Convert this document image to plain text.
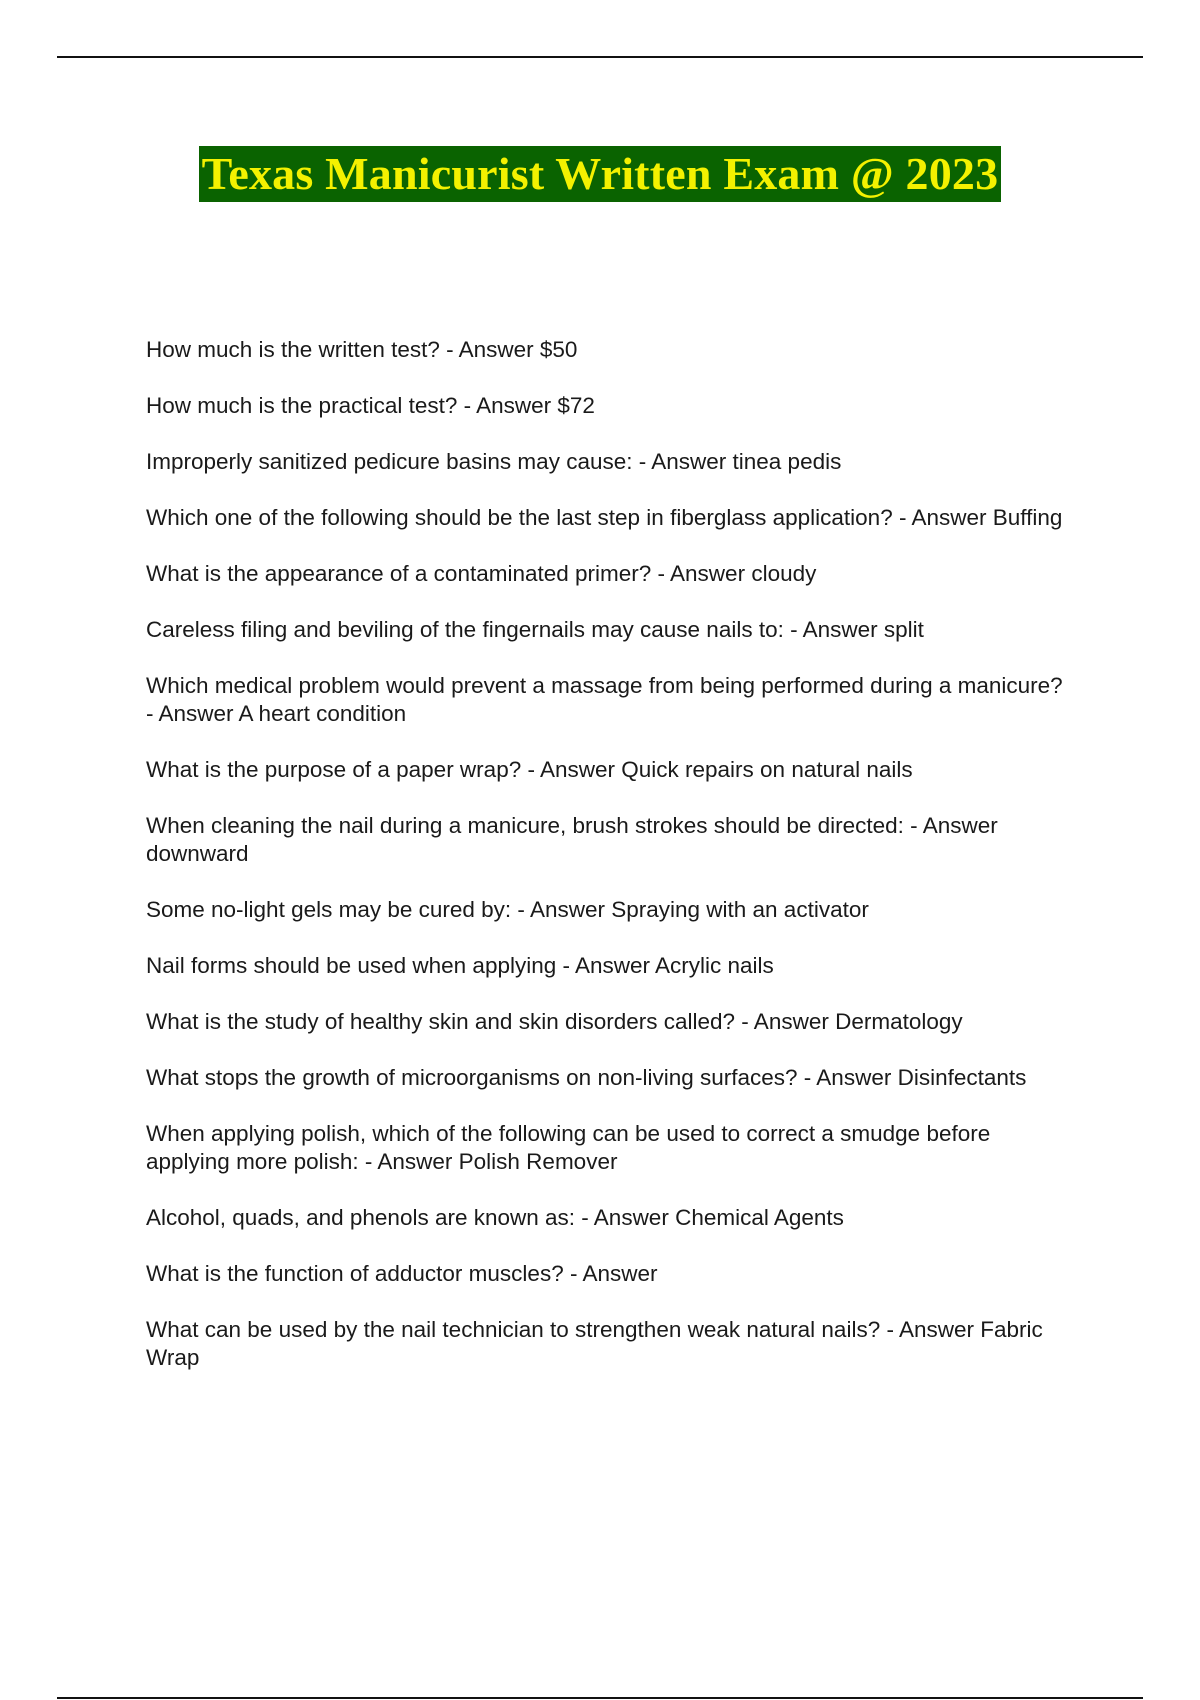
Texas Manicurist Written Exam @ 2023
How much is the written test? - Answer $50
How much is the practical test? - Answer $72
Improperly sanitized pedicure basins may cause: - Answer tinea pedis
Which one of the following should be the last step in fiberglass application? - Answer Buffing
What is the appearance of a contaminated primer? - Answer cloudy
Careless filing and beviling of the fingernails may cause nails to: - Answer split
Which medical problem would prevent a massage from being performed during a manicure? - Answer A heart condition
What is the purpose of a paper wrap? - Answer Quick repairs on natural nails
When cleaning the nail during a manicure, brush strokes should be directed: - Answer downward
Some no-light gels may be cured by: - Answer Spraying with an activator
Nail forms should be used when applying - Answer Acrylic nails
What is the study of healthy skin and skin disorders called? - Answer Dermatology
What stops the growth of microorganisms on non-living surfaces? - Answer Disinfectants
When applying polish, which of the following can be used to correct a smudge before applying more polish: - Answer Polish Remover
Alcohol, quads, and phenols are known as: - Answer Chemical Agents
What is the function of adductor muscles? - Answer
What can be used by the nail technician to strengthen weak natural nails? - Answer Fabric Wrap
